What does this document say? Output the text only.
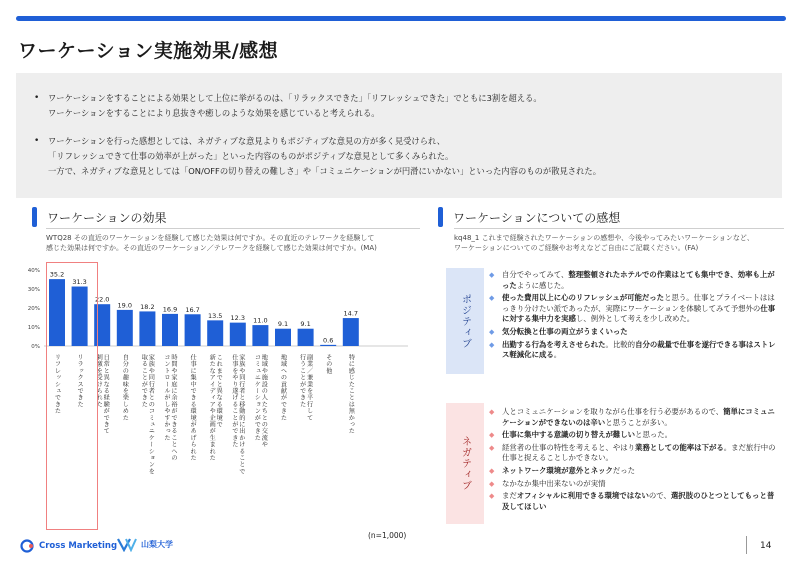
ワーケーション実施効果/感想
• ワーケーションをすることによる効果として上位に挙がるのは、「リラックスできた」「リフレッシュできた」でともに3割を超える。
ワーケーションをすることにより息抜きや癒しのような効果を感じていると考えられる。
• ワーケーションを行った感想としては、ネガティブな意見よりもポジティブな意見の方が多く見受けられ、
「リフレッシュできて仕事の効率が上がった」といった内容のものがポジティブな意見として多くみられた。
一方で、ネガティブな意見としては「ON/OFFの切り替えの難しさ」や「コミュニケーションが円滑にいかない」といった内容のものが散見された。
ワーケーションの効果
WTQ28 その直近のワーケーションを経験して感じた効果は何ですか。その直近のテレワークを経験して
感じた効果は何ですか。その直近のワーケーション／テレワークを経験して感じた効果は何ですか。(MA)
ワーケーションについての感想
kq48_1 これまで経験されたワーケーションの感想や、今後やってみたいワーケーションなど、
ワーケーションについてのご経験やお考えなどご自由にご記載ください。(FA)
0%
10%
20%
30%
40% 35.2
リフレッシュできた
31.3
リラックスできた
22.0
日常と異なる経験ができて
刺激を受けられた
19.0
自分の趣味を楽しめた
18.2
家族や同行者とのコミュニケーションを
取ることができた
16.9
時間や家庭に余裕ができることへの
コントロールがしやすかった
16.7
仕事に集中できる環境があげられた
13.5
これまでと異なる環境で
新たなアイディアや企画が生まれた
12.3
家族や同行者と移動的に出かけることで
仕事をやり遂げることができた
11.0
地域や施設の人たちとの交流や
コミュニケーションができた
9.1
地域への貢献ができた
9.1
副業／兼業を平行して
行うことができた
0.6
その他
14.7
特に感じたことは無かった
(n=1,000)
ポジティブ
◆ 自分でやってみて、整理整頓されたホテルでの作業はとても集中でき、効率も上がったように感じた。
◆ 使った費用以上に心のリフレッシュが可能だったと思う。仕事とプライベートははっきり分けたい派であったが、実際にワーケーションを体験してみて予想外の仕事に対する集中力を実感し、例外として考えを少し改めた。
◆ 気分転換と仕事の両立がうまくいった
◆ 出勤する行為を考えさせられた。比較的自分の裁量で仕事を遂行できる事はストレス軽減化に成る。
ネガティブ
◆ 人とコミュニケーションを取りながら仕事を行う必要があるので、簡単にコミュニケーションができないのは辛いと思うことが多い。
◆ 仕事に集中する意識の切り替えが難しいと思った。
◆ 経営者の仕事の特性を考えると、やはり業務としての能率は下がる。まだ旅行中の仕事と捉えることしかできない。
◆ ネットワーク環境が意外とネックだった
◆ なかなか集中出来ないのが実情
◆ まだオフィシャルに利用できる環境ではないので、選択肢のひとつとしてもっと普及してほしい
Cross Marketing	山梨大学	14
